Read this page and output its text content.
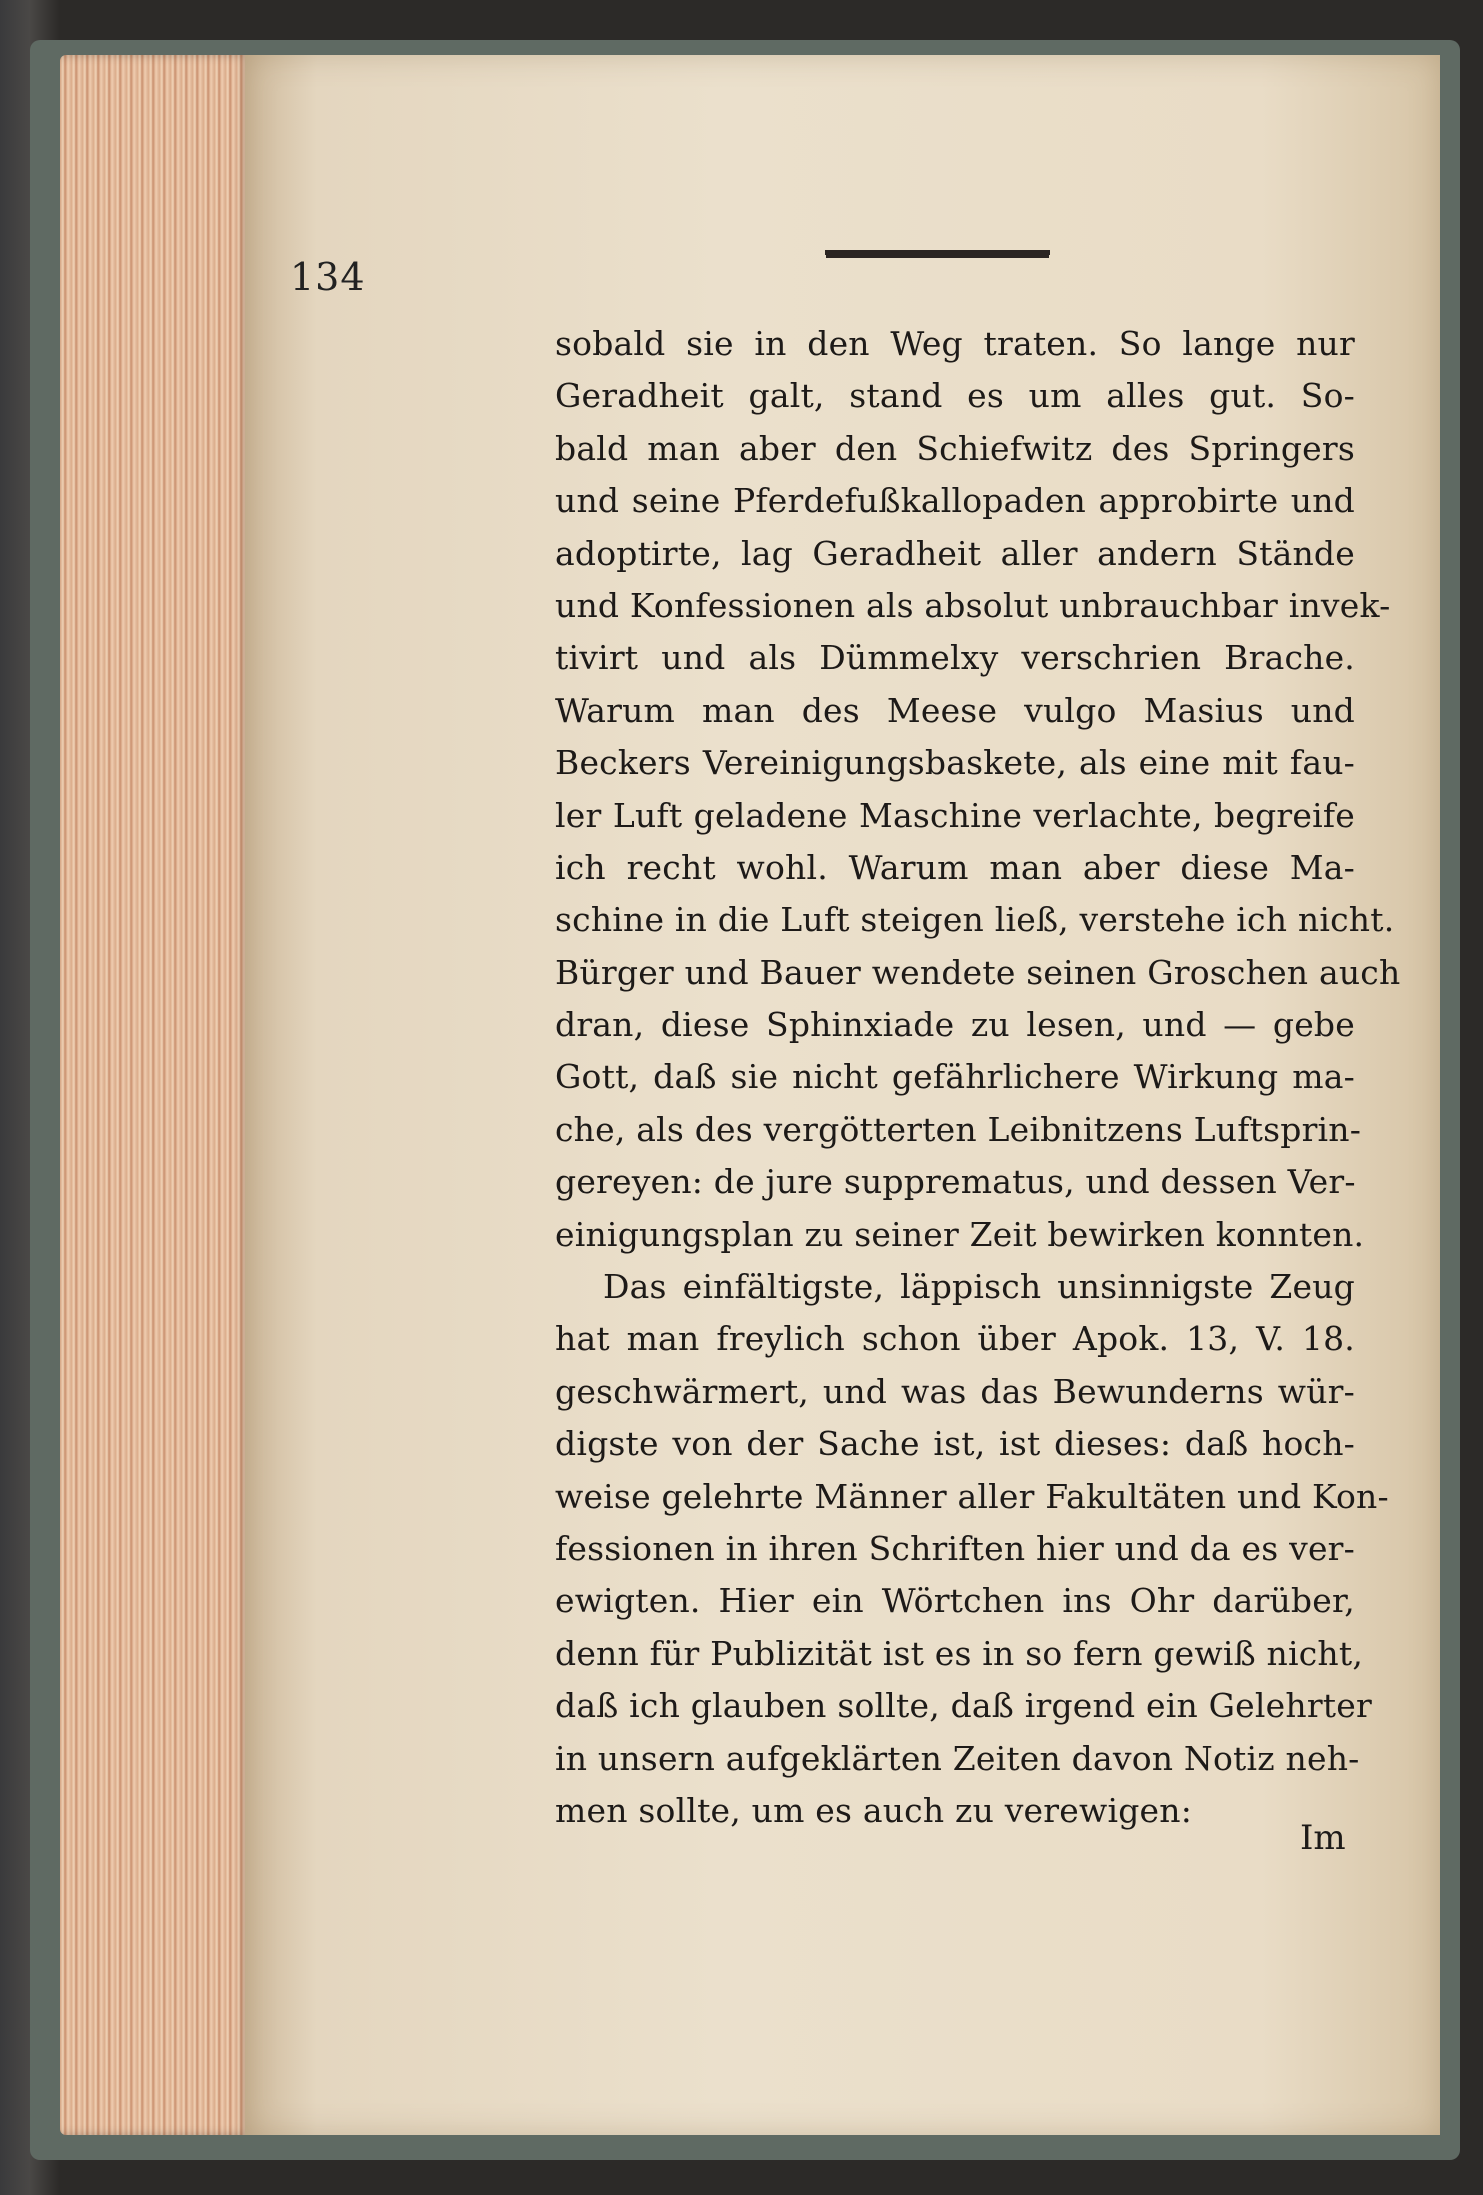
134
sobald sie in den Weg traten. So lange nur
Geradheit galt, stand es um alles gut. So-
bald man aber den Schiefwitz des Springers
und seine Pferdefußkallopaden approbirte und
adoptirte, lag Geradheit aller andern Stände
und Konfessionen als absolut unbrauchbar invek-
tivirt und als Dümmelxy verschrien Brache.
Warum man des Meese vulgo Masius und
Beckers Vereinigungsbaskete, als eine mit fau-
ler Luft geladene Maschine verlachte, begreife
ich recht wohl. Warum man aber diese Ma-
schine in die Luft steigen ließ, verstehe ich nicht.
Bürger und Bauer wendete seinen Groschen auch
dran, diese Sphinxiade zu lesen, und — gebe
Gott, daß sie nicht gefährlichere Wirkung ma-
che, als des vergötterten Leibnitzens Luftsprin-
gereyen: de jure supprematus, und dessen Ver-
einigungsplan zu seiner Zeit bewirken konnten.
Das einfältigste, läppisch unsinnigste Zeug
hat man freylich schon über Apok. 13, V. 18.
geschwärmert, und was das Bewunderns wür-
digste von der Sache ist, ist dieses: daß hoch-
weise gelehrte Männer aller Fakultäten und Kon-
fessionen in ihren Schriften hier und da es ver-
ewigten. Hier ein Wörtchen ins Ohr darüber,
denn für Publizität ist es in so fern gewiß nicht,
daß ich glauben sollte, daß irgend ein Gelehrter
in unsern aufgeklärten Zeiten davon Notiz neh-
men sollte, um es auch zu verewigen:
Im
